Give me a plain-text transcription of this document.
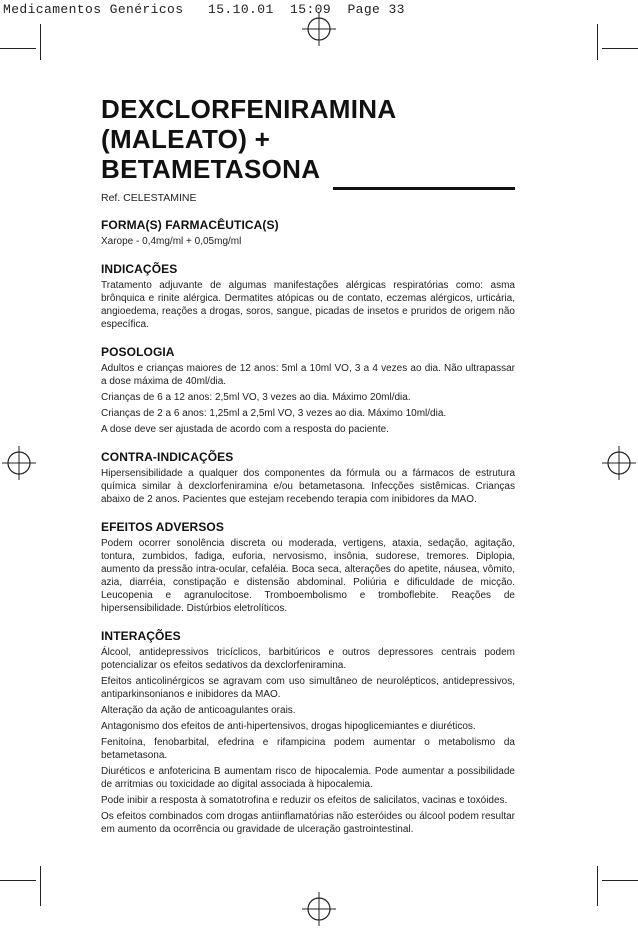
Medicamentos Genéricos   15.10.01  15:09  Page 33
DEXCLORFENIRAMINA
(MALEATO) +
BETAMETASONA
Ref. CELESTAMINE
FORMA(S) FARMACÊUTICA(S)

Xarope - 0,4mg/ml + 0,05mg/ml

INDICAÇÕES

Tratamento adjuvante de algumas manifestações alérgicas respiratórias como: asma brônquica e rinite alérgica. Dermatites atópicas ou de contato, eczemas alérgicos, urticária, angioedema, reações a drogas, soros, sangue, picadas de insetos e pruridos de origem não específica.

POSOLOGIA

Adultos e crianças maiores de 12 anos: 5ml a 10ml VO, 3 a 4 vezes ao dia. Não ultrapassar a dose máxima de 40ml/dia.

Crianças de 6 a 12 anos: 2,5ml VO, 3 vezes ao dia. Máximo 20ml/dia.

Crianças de 2 a 6 anos: 1,25ml a 2,5ml VO, 3 vezes ao dia. Máximo 10ml/dia.

A dose deve ser ajustada de acordo com a resposta do paciente.

CONTRA-INDICAÇÕES

Hipersensibilidade a qualquer dos componentes da fórmula ou a fármacos de estrutura química similar à dexclorfeniramina e/ou betametasona. Infecções sistêmicas. Crianças abaixo de 2 anos. Pacientes que estejam recebendo terapia com inibidores da MAO.

EFEITOS ADVERSOS

Podem ocorrer sonolência discreta ou moderada, vertigens, ataxia, sedação, agitação, tontura, zumbidos, fadiga, euforia, nervosismo, insônia, sudorese, tremores. Diplopia, aumento da pressão intra-ocular, cefaléia. Boca seca, alterações do apetite, náusea, vômito, azia, diarréia, constipação e distensão abdominal. Poliúria e dificuldade de micção. Leucopenia e agranulocitose. Tromboembolismo e tromboflebite. Reações de hipersensibilidade. Distúrbios eletrolíticos.

INTERAÇÕES

Álcool, antidepressivos tricíclicos, barbitúricos e outros depressores centrais podem potencializar os efeitos sedativos da dexclorfeniramina.

Efeitos anticolinérgicos se agravam com uso simultâneo de neurolépticos, antidepressivos, antiparkinsonianos e inibidores da MAO.

Alteração da ação de anticoagulantes orais.

Antagonismo dos efeitos de anti-hipertensivos, drogas hipoglicemiantes e diuréticos.

Fenitoína, fenobarbital, efedrina e rifampicina podem aumentar o metabolismo da betametasona.

Diuréticos e anfotericina B aumentam risco de hipocalemia. Pode aumentar a possibilidade de arritmias ou toxicidade ao digital associada à hipocalemia.

Pode inibir a resposta à somatotrofina e reduzir os efeitos de salicilatos, vacinas e toxóides.

Os efeitos combinados com drogas antiinflamatórias não esteróides ou álcool podem resultar em aumento da ocorrência ou gravidade de ulceração gastrointestinal.
